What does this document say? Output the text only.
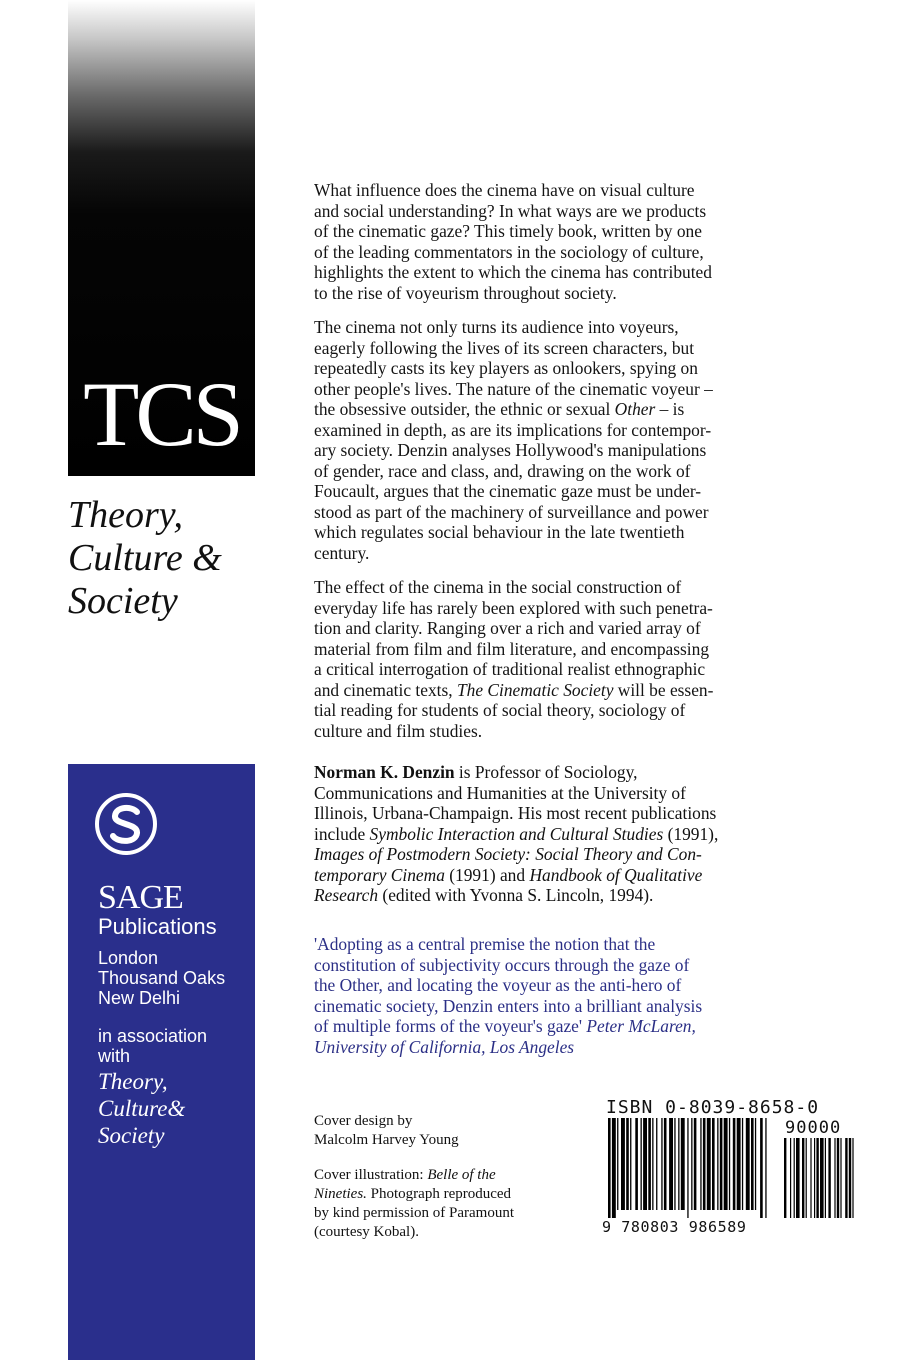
TCS
Theory,
Culture &
Society
SAGE
Publications
London
Thousand Oaks
New Delhi
in association
with
Theory,
Culture&
Society

What influence does the cinema have on visual culture
and social understanding? In what ways are we products
of the cinematic gaze? This timely book, written by one
of the leading commentators in the sociology of culture,
highlights the extent to which the cinema has contributed
to the rise of voyeurism throughout society.

The cinema not only turns its audience into voyeurs,
eagerly following the lives of its screen characters, but
repeatedly casts its key players as onlookers, spying on
other people's lives. The nature of the cinematic voyeur –
the obsessive outsider, the ethnic or sexual Other – is
examined in depth, as are its implications for contempor-
ary society. Denzin analyses Hollywood's manipulations
of gender, race and class, and, drawing on the work of
Foucault, argues that the cinematic gaze must be under-
stood as part of the machinery of surveillance and power
which regulates social behaviour in the late twentieth
century.

The effect of the cinema in the social construction of
everyday life has rarely been explored with such penetra-
tion and clarity. Ranging over a rich and varied array of
material from film and film literature, and encompassing
a critical interrogation of traditional realist ethnographic
and cinematic texts, The Cinematic Society will be essen-
tial reading for students of social theory, sociology of
culture and film studies.

Norman K. Denzin is Professor of Sociology,
Communications and Humanities at the University of
Illinois, Urbana-Champaign. His most recent publications
include Symbolic Interaction and Cultural Studies (1991),
Images of Postmodern Society: Social Theory and Con-
temporary Cinema (1991) and Handbook of Qualitative
Research (edited with Yvonna S. Lincoln, 1994).
'Adopting as a central premise the notion that the
constitution of subjectivity occurs through the gaze of
the Other, and locating the voyeur as the anti-hero of
cinematic society, Denzin enters into a brilliant analysis
of multiple forms of the voyeur's gaze' Peter McLaren,
University of California, Los Angeles
Cover design by
Malcolm Harvey Young
Cover illustration: Belle of the
Nineties. Photograph reproduced
by kind permission of Paramount
(courtesy Kobal).
ISBN 0-8039-8658-0
90000
9 780803 986589
